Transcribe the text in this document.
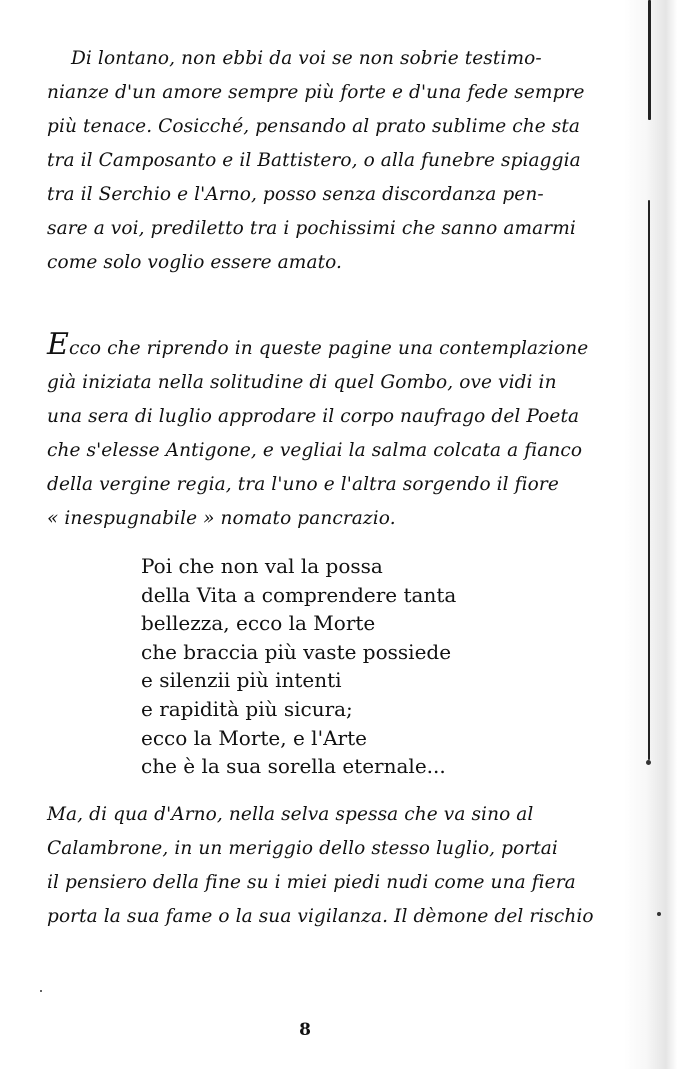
Di lontano, non ebbi da voi se non sobrie testimo-
nianze d'un amore sempre più forte e d'una fede sempre
più tenace. Cosicché, pensando al prato sublime che sta
tra il Camposanto e il Battistero, o alla funebre spiaggia
tra il Serchio e l'Arno, posso senza discordanza pen-
sare a voi, prediletto tra i pochissimi che sanno amarmi
come solo voglio essere amato.

Ecco che riprendo in queste pagine una contemplazione
già iniziata nella solitudine di quel Gombo, ove vidi in
una sera di luglio approdare il corpo naufrago del Poeta
che s'elesse Antigone, e vegliai la salma colcata a fianco
della vergine regia, tra l'uno e l'altra sorgendo il fiore
« inespugnabile » nomato pancrazio.

Poi che non val la possa
della Vita a comprendere tanta
bellezza, ecco la Morte
che braccia più vaste possiede
e silenzii più intenti
e rapidità più sicura;
ecco la Morte, e l'Arte
che è la sua sorella eternale...

Ma, di qua d'Arno, nella selva spessa che va sino al
Calambrone, in un meriggio dello stesso luglio, portai
il pensiero della fine su i miei piedi nudi come una fiera
porta la sua fame o la sua vigilanza. Il dèmone del rischio

8
